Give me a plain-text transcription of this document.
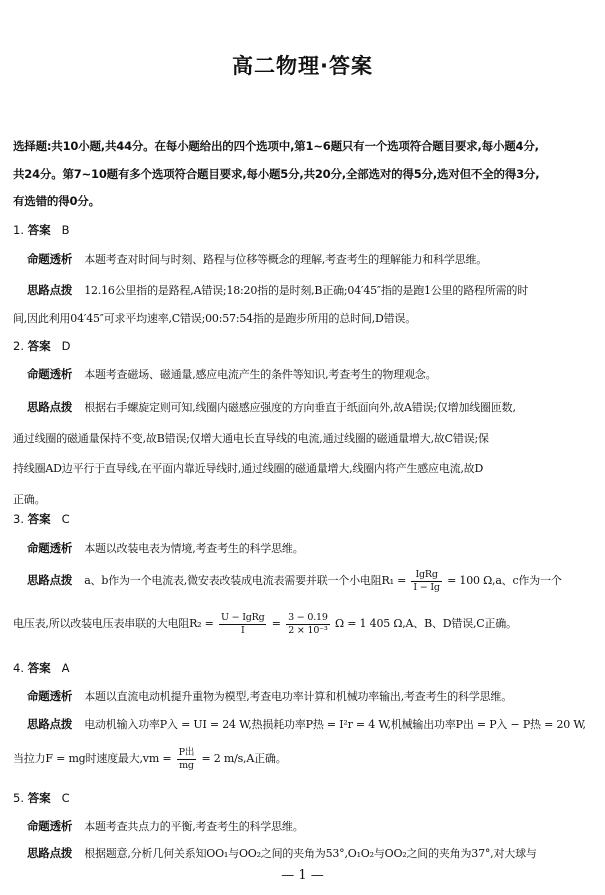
高二物理·答案
选择题:共10小题,共44分。在每小题给出的四个选项中,第1~6题只有一个选项符合题目要求,每小题4分,
共24分。第7~10题有多个选项符合题目要求,每小题5分,共20分,全部选对的得5分,选对但不全的得3分,
有选错的得0分。
1. 答案 B
命题透析 本题考查对时间与时刻、路程与位移等概念的理解,考查考生的理解能力和科学思维。
思路点拨 12.16公里指的是路程,A错误;18:20指的是时刻,B正确;04′45″指的是跑1公里的路程所需的时
间,因此利用04′45″可求平均速率,C错误;00:57:54指的是跑步所用的总时间,D错误。
2. 答案 D
命题透析 本题考查磁场、磁通量,感应电流产生的条件等知识,考查考生的物理观念。
思路点拨 根据右手螺旋定则可知,线圈内磁感应强度的方向垂直于纸面向外,故A错误;仅增加线圈匝数,
通过线圈的磁通量保持不变,故B错误;仅增大通电长直导线的电流,通过线圈的磁通量增大,故C错误;保
持线圈AD边平行于直导线,在平面内靠近导线时,通过线圈的磁通量增大,线圈内将产生感应电流,故D
正确。
3. 答案 C
命题透析 本题以改装电表为情境,考查考生的科学思维。
思路点拨 a、b作为一个电流表,微安表改装成电流表需要并联一个小电阻$R_1 = \frac{\text{IgRg}}{I - Ig} = 100$ Ω,a、c作为一个
电压表,所以改装电压表串联的大电阻$R_2 = \frac{\text{U − IgRg}}{I} = \frac{3 - 0.19}{\text{2 × 10⁻³}}$ Ω = 1 405 Ω,A、B、D错误,C正确。
4. 答案 A
命题透析 本题以直流电动机提升重物为模型,考查电功率计算和机械功率输出,考查考生的科学思维。
思路点拨 电动机输入功率P入 = UI = 24 W,热损耗功率P热 = I²r = 4 W,机械输出功率P出 = P入 − P热 = 20 W,
当拉力F = mg时速度最大$,vm = \frac{\text{P出}}{mg} = 2$ m/s,A正确。
5. 答案 C
命题透析 本题考查共点力的平衡,考查考生的科学思维。
思路点拨 根据题意,分析几何关系知OO₁与OO₂之间的夹角为53°,O₁O₂与OO₂之间的夹角为37°,对大球与
— 1 —
